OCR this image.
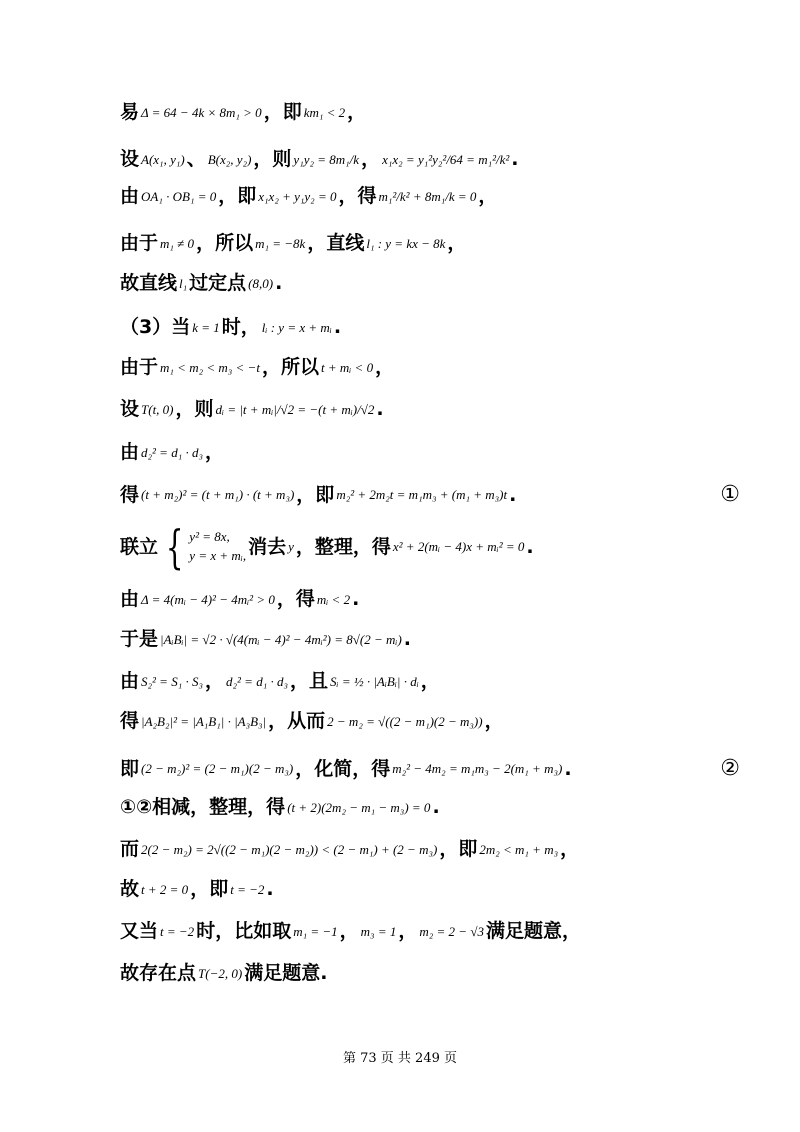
易 Δ = 64 − 4k × 8m₁ > 0 ，即 km₁ < 2 ，
设 A(x₁, y₁) 、 B(x₂, y₂) ，则 y₁y₂ = 8m₁/k ， x₁x₂ = y₁²y₂²/64 = m₁²/k² .
由 OA₁ · OB₁ = 0 ，即 x₁x₂ + y₁y₂ = 0 ，得 m₁²/k² + 8m₁/k = 0 ，
由于 m₁ ≠ 0 ，所以 m₁ = −8k ，直线 l₁ : y = kx − 8k ，
故直线 l₁ 过定点 (8,0) .
（3）当 k = 1 时， lᵢ : y = x + mᵢ .
由于 m₁ < m₂ < m₃ < −t ，所以 t + mᵢ < 0 ，
设 T(t, 0) ，则 dᵢ = |t + mᵢ|/√2 = −(t + mᵢ)/√2 .
由 d₂² = d₁ · d₃ ，
得 (t + m₂)² = (t + m₁) · (t + m₃) ，即 m₂² + 2m₂t = m₁m₃ + (m₁ + m₃)t .	①
联立 { y² = 8x,
y = x + mᵢ, 消去 y ，整理，得 x² + 2(mᵢ − 4)x + mᵢ² = 0 .
由 Δ = 4(mᵢ − 4)² − 4mᵢ² > 0 ，得 mᵢ < 2 .
于是 |AᵢBᵢ| = √2 · √(4(mᵢ − 4)² − 4mᵢ²) = 8√(2 − mᵢ) .
由 S₂² = S₁ · S₃ ， d₂² = d₁ · d₃ ，且 Sᵢ = ½ · |AᵢBᵢ| · dᵢ ，
得 |A₂B₂|² = |A₁B₁| · |A₃B₃| ，从而 2 − m₂ = √((2 − m₁)(2 − m₃)) ，
即 (2 − m₂)² = (2 − m₁)(2 − m₃) ，化简，得 m₂² − 4m₂ = m₁m₃ − 2(m₁ + m₃) .	②
①②相减，整理，得 (t + 2)(2m₂ − m₁ − m₃) = 0 .
而 2(2 − m₂) = 2√((2 − m₁)(2 − m₂)) < (2 − m₁) + (2 − m₃) ，即 2m₂ < m₁ + m₃ ，
故 t + 2 = 0 ，即 t = −2 .
又当 t = −2 时，比如取 m₁ = −1 ， m₃ = 1 ， m₂ = 2 − √3 满足题意，
故存在点 T(−2, 0) 满足题意.
第 73 页 共 249 页
